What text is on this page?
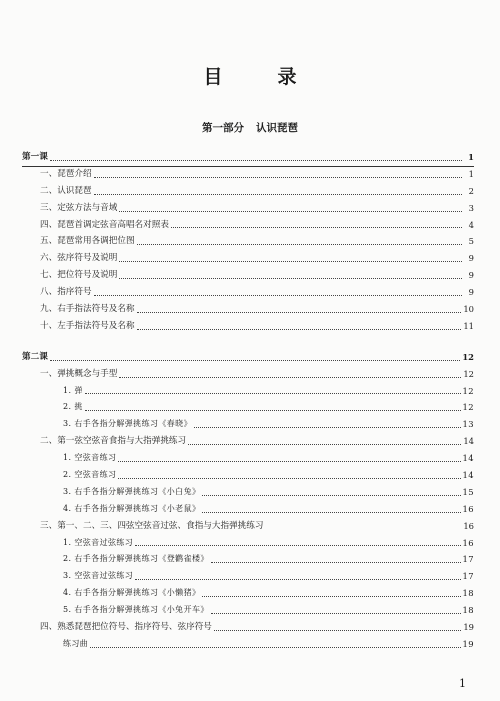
目　录
第一部分 认识琵琶
第一课	1
一、琵琶介绍	1
二、认识琵琶	2
三、定弦方法与音域	3
四、琵琶首调定弦音高唱名对照表	4
五、琵琶常用各调把位图	5
六、弦序符号及说明	9
七、把位符号及说明	9
八、指序符号	9
九、右手指法符号及名称	10
十、左手指法符号及名称	11
第二课	12
一、弹挑概念与手型	12
1. 弹	12
2. 挑	12
3. 右手各指分解弹挑练习《春晓》	13
二、第一弦空弦音食指与大指弹挑练习	14
1. 空弦音练习	14
2. 空弦音练习	14
3. 右手各指分解弹挑练习《小白兔》	15
4. 右手各指分解弹挑练习《小老鼠》	16
三、第一、二、三、四弦空弦音过弦、食指与大指弹挑练习	16
1. 空弦音过弦练习	16
2. 右手各指分解弹挑练习《登鹳雀楼》	17
3. 空弦音过弦练习	17
4. 右手各指分解弹挑练习《小懒猪》	18
5. 右手各指分解弹挑练习《小兔开车》	18
四、熟悉琵琶把位符号、指序符号、弦序符号	19
练习曲	19
1
